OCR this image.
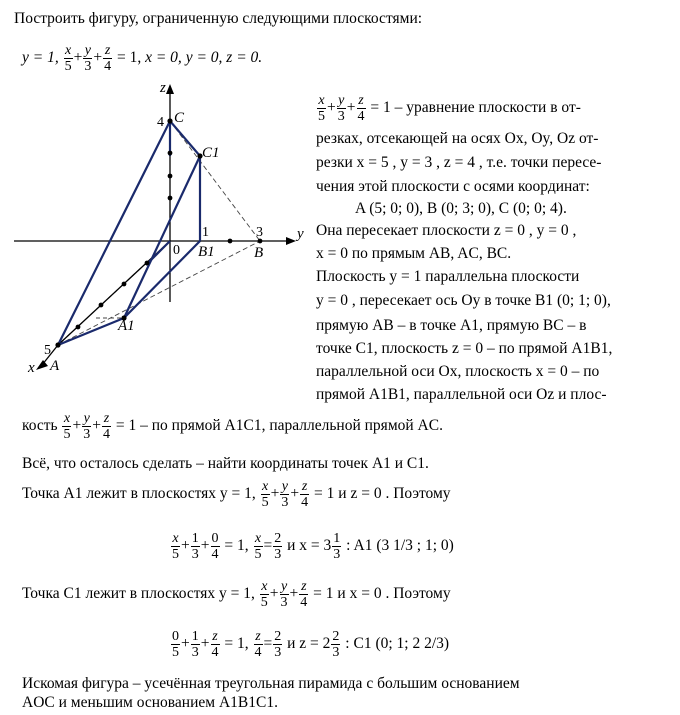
Построить фигуру, ограниченную следующими плоскостями:
y = 1, $\frac{x}{5} + \frac{y}{3} + \frac{z}{4} = 1$, x = 0, y = 0, z = 0.
z
y
x
4 C
C1
1	3
0 B1	B
A1
5
A
$\frac{x}{5} + \frac{y}{3} + \frac{z}{4} = 1$ – уравнение плоскости в от-
резках, отсекающей на осях Ox, Oy, Oz от-
резки x = 5 , y = 3 , z = 4 , т.е. точки пересе-
чения этой плоскости с осями координат:
A (5; 0; 0), B (0; 3; 0), C (0; 0; 4).
Она пересекает плоскости z = 0 , y = 0 ,
x = 0 по прямым AB, AC, BC.
Плоскость y = 1 параллельна плоскости
y = 0 , пересекает ось Oy в точке B1 (0; 1; 0),
прямую AB – в точке A1, прямую BC – в
точке C1, плоскость z = 0 – по прямой A1B1,
параллельной оси Ox, плоскость x = 0 – по
прямой A1B1, параллельной оси Oz и плос-
кость $\frac{x}{5} + \frac{y}{3} + \frac{z}{4} = 1$ – по прямой A1C1, параллельной прямой AC.
Всё, что осталось сделать – найти координаты точек A1 и C1.
Точка A1 лежит в плоскостях y = 1, $\frac{x}{5} + \frac{y}{3} + \frac{z}{4} = 1$ и z = 0 . Поэтому
$\frac{x}{5} + \frac{1}{3} + \frac{0}{4} = 1$, $\frac{x}{5} = \frac{2}{3}$ и $x = 3 \frac{1}{3}$ : A1 (3 1/3 ; 1; 0)
Точка C1 лежит в плоскостях y = 1, $\frac{x}{5} + \frac{y}{3} + \frac{z}{4} = 1$ и x = 0 . Поэтому
$\frac{0}{5} + \frac{1}{3} + \frac{z}{4} = 1$, $\frac{z}{4} = \frac{2}{3}$ и $z = 2 \frac{2}{3}$ : C1 (0; 1; 2 2/3)
Искомая фигура – усечённая треугольная пирамида с большим основанием
AOC и меньшим основанием A1B1C1.
